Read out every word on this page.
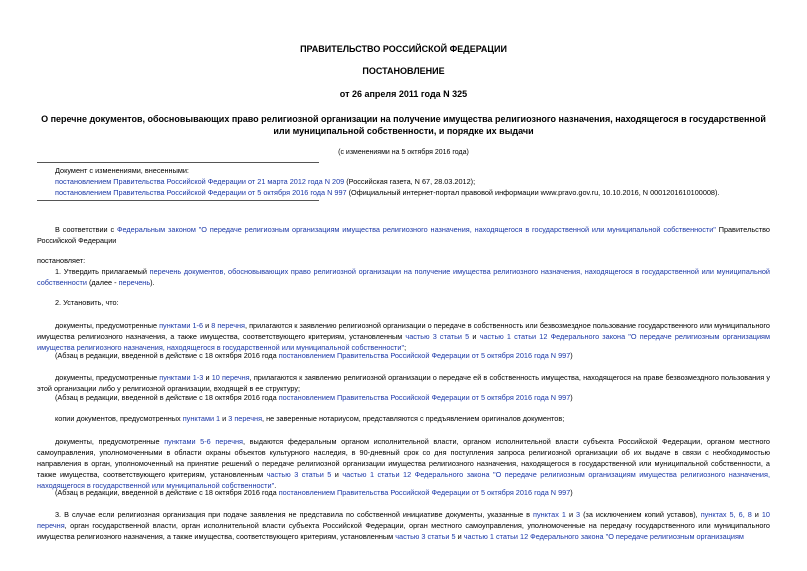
ПРАВИТЕЛЬСТВО РОССИЙСКОЙ ФЕДЕРАЦИИ
ПОСТАНОВЛЕНИЕ
от 26 апреля 2011 года N 325
О перечне документов, обосновывающих право религиозной организации на получение имущества религиозного назначения, находящегося в государственной
или муниципальной собственности, и порядке их выдачи
(с изменениями на 5 октября 2016 года)

Документ с изменениями, внесенными:

постановлением Правительства Российской Федерации от 21 марта 2012 года N 209 (Российская газета, N 67, 28.03.2012);

постановлением Правительства Российской Федерации от 5 октября 2016 года N 997 (Официальный интернет-портал правовой информации www.pravo.gov.ru, 10.10.2016, N 0001201610100008).

В соответствии с Федеральным законом "О передаче религиозным организациям имущества религиозного назначения, находящегося в государственной или муниципальной собственности" Правительство Российской Федерации
постановляет:
1. Утвердить прилагаемый перечень документов, обосновывающих право религиозной организации на получение имущества религиозного назначения, находящегося в государственной или муниципальной собственности (далее - перечень).
2. Установить, что:
документы, предусмотренные пунктами 1-6 и 8 перечня, прилагаются к заявлению религиозной организации о передаче в собственность или безвозмездное пользование государственного или муниципального имущества религиозного назначения, а также имущества, соответствующего критериям, установленным частью 3 статьи 5 и частью 1 статьи 12 Федерального закона "О передаче религиозным организациям имущества религиозного назначения, находящегося в государственной или муниципальной собственности";
(Абзац в редакции, введенной в действие с 18 октября 2016 года постановлением Правительства Российской Федерации от 5 октября 2016 года N 997)
документы, предусмотренные пунктами 1-3 и 10 перечня, прилагаются к заявлению религиозной организации о передаче ей в собственность имущества, находящегося на праве безвозмездного пользования у этой организации либо у религиозной организации, входящей в ее структуру;
(Абзац в редакции, введенной в действие с 18 октября 2016 года постановлением Правительства Российской Федерации от 5 октября 2016 года N 997)
копии документов, предусмотренных пунктами 1 и 3 перечня, не заверенные нотариусом, представляются с предъявлением оригиналов документов;
документы, предусмотренные пунктами 5-6 перечня, выдаются федеральным органом исполнительной власти, органом исполнительной власти субъекта Российской Федерации, органом местного самоуправления, уполномоченными в области охраны объектов культурного наследия, в 90-дневный срок со дня поступления запроса религиозной организации об их выдаче в связи с необходимостью направления в орган, уполномоченный на принятие решений о передаче религиозной организации имущества религиозного назначения, находящегося в государственной или муниципальной собственности, а также имущества, соответствующего критериям, установленным частью 3 статьи 5 и частью 1 статьи 12 Федерального закона "О передаче религиозным организациям имущества религиозного назначения, находящегося в государственной или муниципальной собственности".
(Абзац в редакции, введенной в действие с 18 октября 2016 года постановлением Правительства Российской Федерации от 5 октября 2016 года N 997)
3. В случае если религиозная организация при подаче заявления не представила по собственной инициативе документы, указанные в пунктах 1 и 3 (за исключением копий уставов), пунктах 5, 6, 8 и 10 перечня, орган государственной власти, орган исполнительной власти субъекта Российской Федерации, орган местного самоуправления, уполномоченные на передачу государственного или муниципального имущества религиозного назначения, а также имущества, соответствующего критериям, установленным частью 3 статьи 5 и частью 1 статьи 12 Федерального закона "О передаче религиозным организациям
